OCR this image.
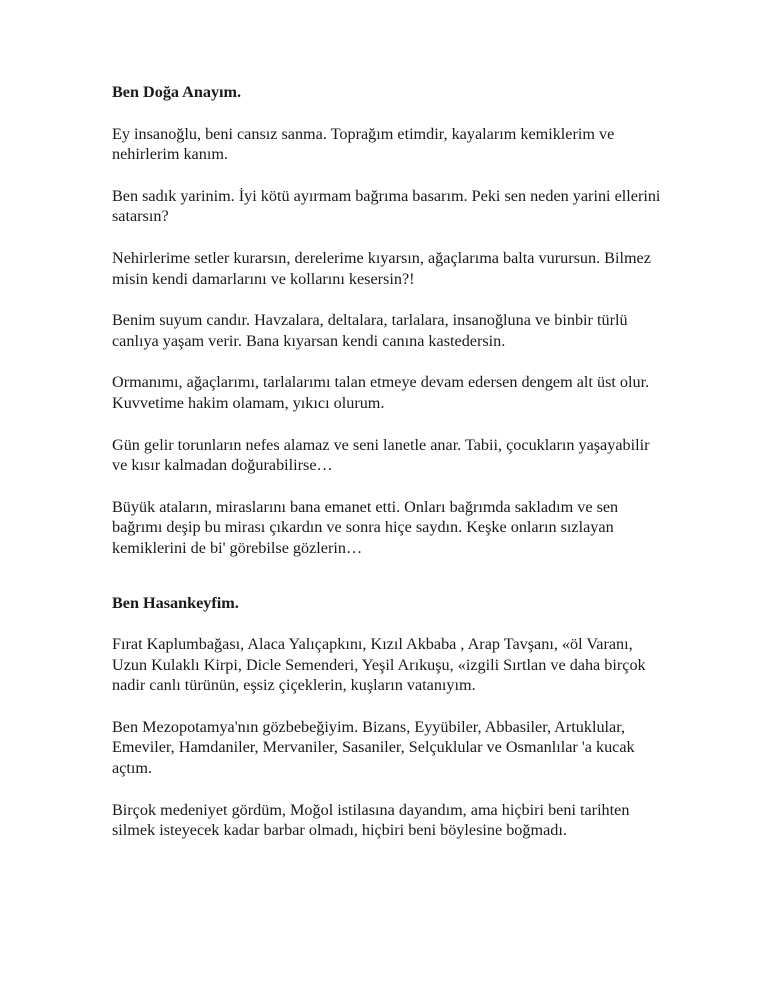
Ben Doğa Anayım.

Ey insanoğlu, beni cansız sanma. Toprağım etimdir, kayalarım kemiklerim ve nehirlerim kanım.

Ben sadık yarinim. İyi kötü ayırmam bağrıma basarım. Peki sen neden yarini ellerini satarsın?

Nehirlerime setler kurarsın, derelerime kıyarsın, ağaçlarıma balta vurursun. Bilmez misin kendi damarlarını ve kollarını kesersin?!

Benim suyum candır. Havzalara, deltalara, tarlalara, insanoğluna ve binbir türlü canlıya yaşam verir. Bana kıyarsan kendi canına kastedersin.

Ormanımı, ağaçlarımı, tarlalarımı talan etmeye devam edersen dengem alt üst olur. Kuvvetime hakim olamam, yıkıcı olurum.

Gün gelir torunların nefes alamaz ve seni lanetle anar. Tabii, çocukların yaşayabilir ve kısır kalmadan doğurabilirse…

Büyük ataların, miraslarını bana emanet etti. Onları bağrımda sakladım ve sen bağrımı deşip bu mirası çıkardın ve sonra hiçe saydın. Keşke onların sızlayan kemiklerini de bi' görebilse gözlerin…

Ben Hasankeyfim.

Fırat Kaplumbağası, Alaca Yalıçapkını, Kızıl Akbaba , Arap Tavşanı, «öl Varanı, Uzun Kulaklı Kirpi, Dicle Semenderi, Yeşil Arıkuşu, «izgili Sırtlan ve daha birçok nadir canlı türünün, eşsiz çiçeklerin, kuşların vatanıyım.

Ben Mezopotamya'nın gözbebeğiyim. Bizans, Eyyübiler, Abbasiler, Artuklular, Emeviler, Hamdaniler, Mervaniler, Sasaniler, Selçuklular ve Osmanlılar 'a kucak açtım.

Birçok medeniyet gördüm, Moğol istilasına dayandım, ama hiçbiri beni tarihten silmek isteyecek kadar barbar olmadı, hiçbiri beni böylesine boğmadı.
